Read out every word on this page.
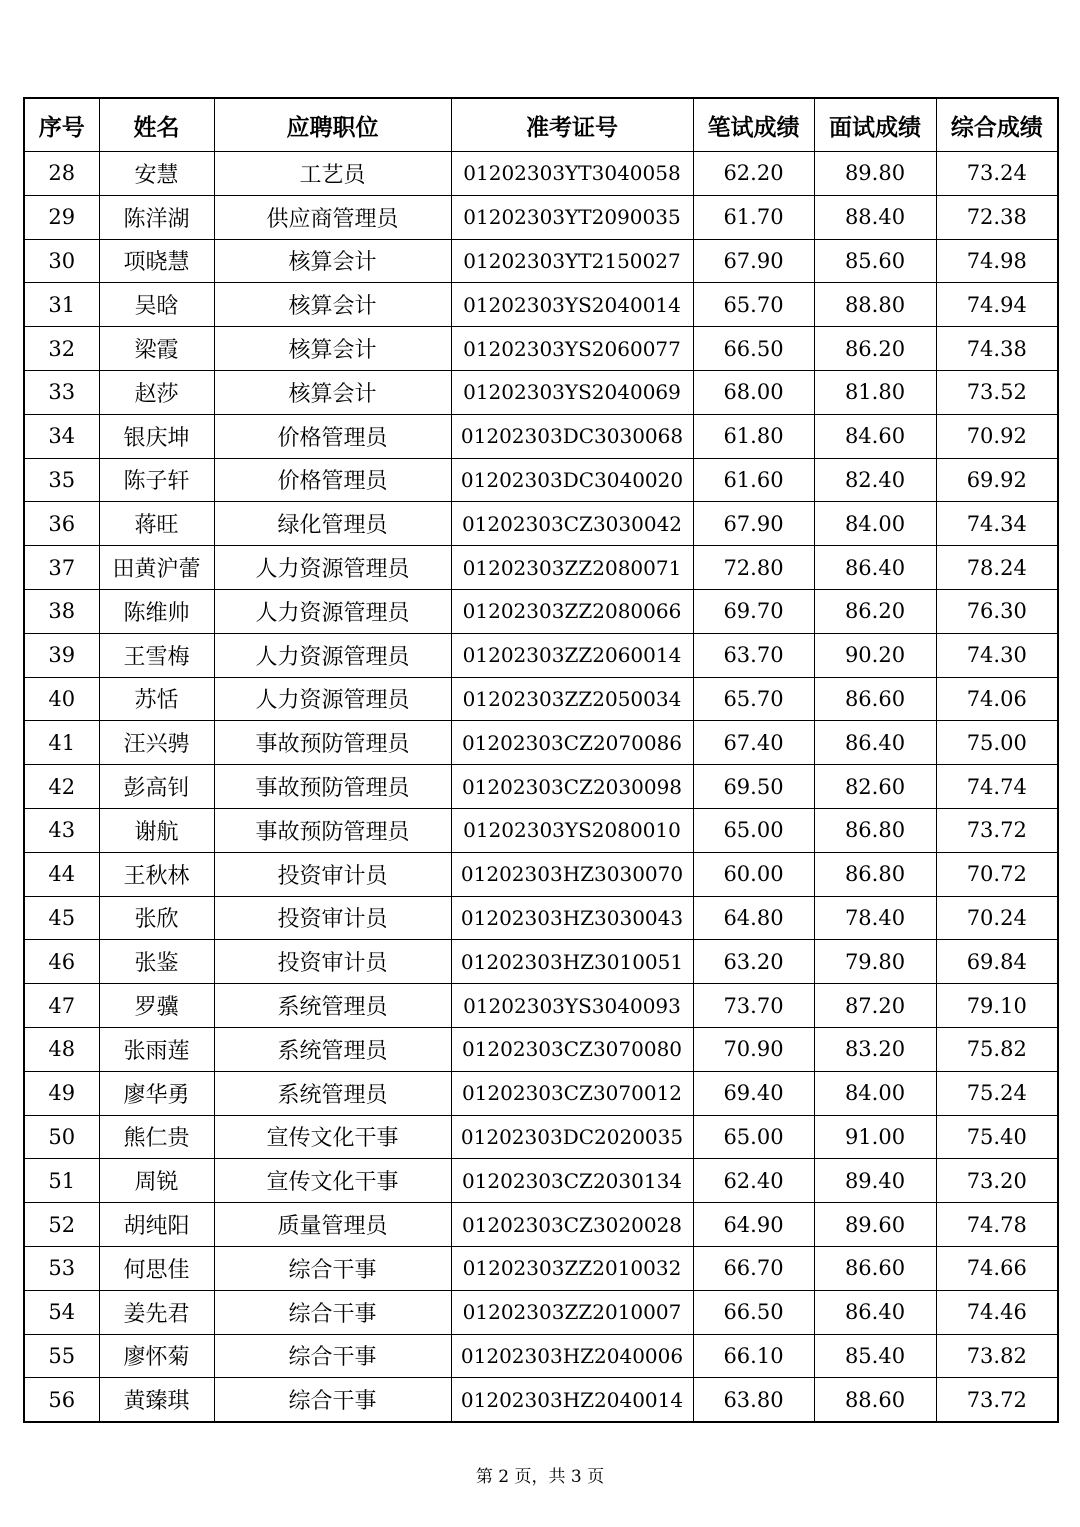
序号	姓名	应聘职位	准考证号	笔试成绩	面试成绩	综合成绩
28	安慧	工艺员	01202303YT3040058	62.20	89.80	73.24
29	陈洋湖	供应商管理员	01202303YT2090035	61.70	88.40	72.38
30	项晓慧	核算会计	01202303YT2150027	67.90	85.60	74.98
31	吴晗	核算会计	01202303YS2040014	65.70	88.80	74.94
32	梁霞	核算会计	01202303YS2060077	66.50	86.20	74.38
33	赵莎	核算会计	01202303YS2040069	68.00	81.80	73.52
34	银庆坤	价格管理员	01202303DC3030068	61.80	84.60	70.92
35	陈子轩	价格管理员	01202303DC3040020	61.60	82.40	69.92
36	蒋旺	绿化管理员	01202303CZ3030042	67.90	84.00	74.34
37	田黄沪蕾	人力资源管理员	01202303ZZ2080071	72.80	86.40	78.24
38	陈维帅	人力资源管理员	01202303ZZ2080066	69.70	86.20	76.30
39	王雪梅	人力资源管理员	01202303ZZ2060014	63.70	90.20	74.30
40	苏恬	人力资源管理员	01202303ZZ2050034	65.70	86.60	74.06
41	汪兴骋	事故预防管理员	01202303CZ2070086	67.40	86.40	75.00
42	彭高钊	事故预防管理员	01202303CZ2030098	69.50	82.60	74.74
43	谢航	事故预防管理员	01202303YS2080010	65.00	86.80	73.72
44	王秋林	投资审计员	01202303HZ3030070	60.00	86.80	70.72
45	张欣	投资审计员	01202303HZ3030043	64.80	78.40	70.24
46	张鉴	投资审计员	01202303HZ3010051	63.20	79.80	69.84
47	罗骥	系统管理员	01202303YS3040093	73.70	87.20	79.10
48	张雨莲	系统管理员	01202303CZ3070080	70.90	83.20	75.82
49	廖华勇	系统管理员	01202303CZ3070012	69.40	84.00	75.24
50	熊仁贵	宣传文化干事	01202303DC2020035	65.00	91.00	75.40
51	周锐	宣传文化干事	01202303CZ2030134	62.40	89.40	73.20
52	胡纯阳	质量管理员	01202303CZ3020028	64.90	89.60	74.78
53	何思佳	综合干事	01202303ZZ2010032	66.70	86.60	74.66
54	姜先君	综合干事	01202303ZZ2010007	66.50	86.40	74.46
55	廖怀菊	综合干事	01202303HZ2040006	66.10	85.40	73.82
56	黄臻琪	综合干事	01202303HZ2040014	63.80	88.60	73.72
第 2 页，共 3 页
